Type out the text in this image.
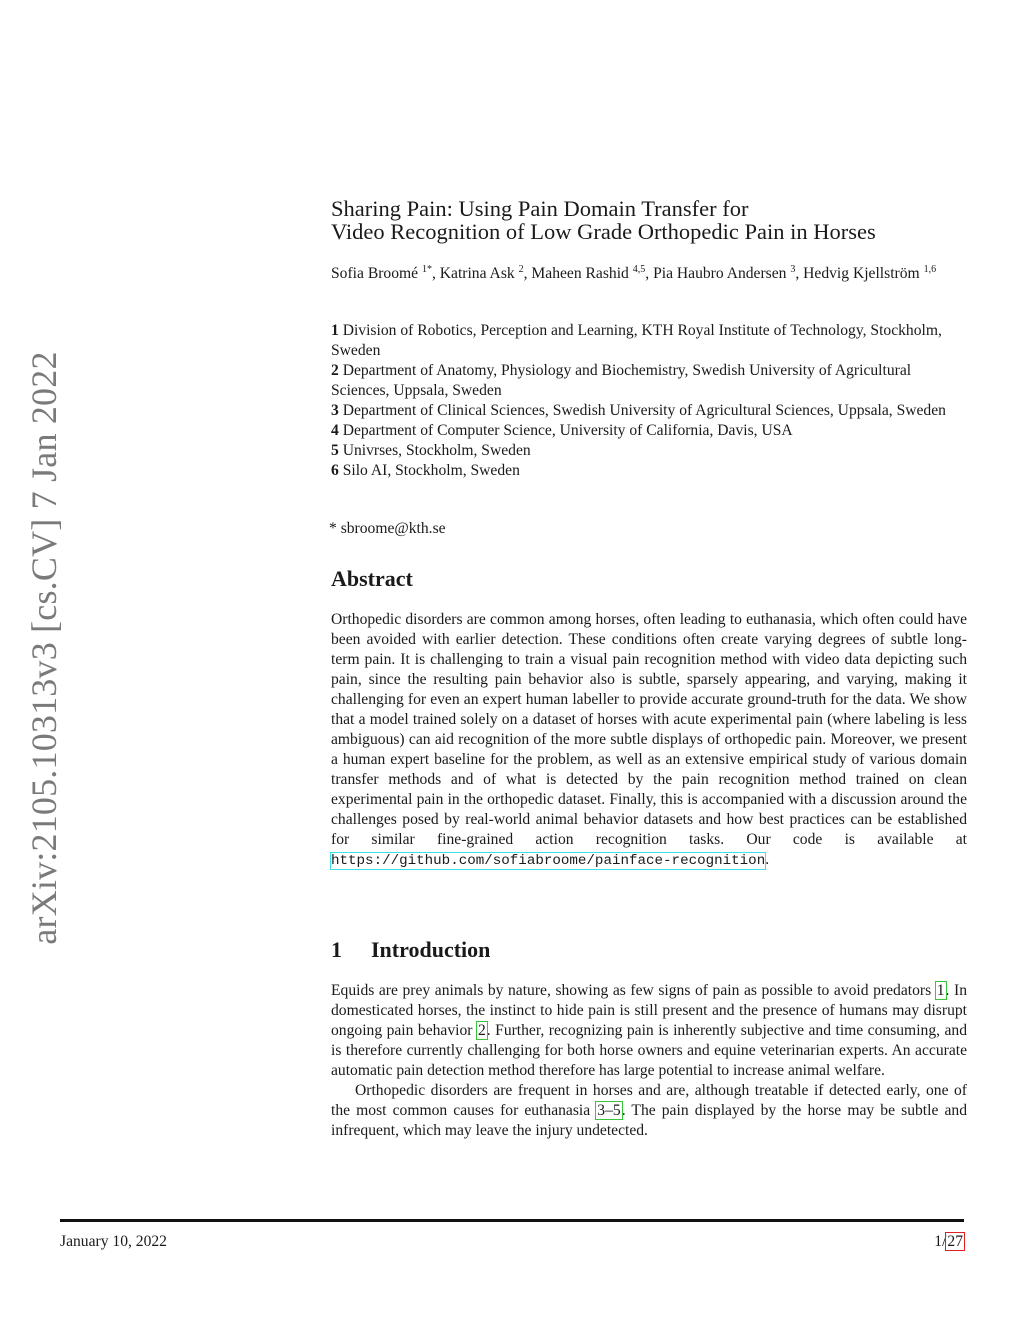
arXiv:2105.10313v3 [cs.CV] 7 Jan 2022
Sharing Pain: Using Pain Domain Transfer for
Video Recognition of Low Grade Orthopedic Pain in Horses
Sofia Broomé $^{1*}$, Katrina Ask $^2$, Maheen Rashid $^{4,5}$, Pia Haubro Andersen $^3$, Hedvig Kjellström $^{1,6}$
1 Division of Robotics, Perception and Learning, KTH Royal Institute of Technology, Stockholm, Sweden
2 Department of Anatomy, Physiology and Biochemistry, Swedish University of Agricultural Sciences, Uppsala, Sweden
3 Department of Clinical Sciences, Swedish University of Agricultural Sciences, Uppsala, Sweden
4 Department of Computer Science, University of California, Davis, USA
5 Univrses, Stockholm, Sweden
6 Silo AI, Stockholm, Sweden
* sbroome@kth.se
Abstract
Orthopedic disorders are common among horses, often leading to euthanasia, which often could have been avoided with earlier detection. These conditions often create varying degrees of subtle long-term pain. It is challenging to train a visual pain recognition method with video data depicting such pain, since the resulting pain behavior also is subtle, sparsely appearing, and varying, making it challenging for even an expert human labeller to provide accurate ground-truth for the data. We show that a model trained solely on a dataset of horses with acute experimental pain (where labeling is less ambiguous) can aid recognition of the more subtle displays of orthopedic pain. Moreover, we present a human expert baseline for the problem, as well as an extensive empirical study of various domain transfer methods and of what is detected by the pain recognition method trained on clean experimental pain in the orthopedic dataset. Finally, this is accompanied with a discussion around the challenges posed by real-world animal behavior datasets and how best practices can be established for similar fine-grained action recognition tasks. Our code is available at https://github.com/sofiabroome/painface-recognition.
1 Introduction

Equids are prey animals by nature, showing as few signs of pain as possible to avoid predators 1. In domesticated horses, the instinct to hide pain is still present and the presence of humans may disrupt ongoing pain behavior 2. Further, recognizing pain is inherently subjective and time consuming, and is therefore currently challenging for both horse owners and equine veterinarian experts. An accurate automatic pain detection method therefore has large potential to increase animal welfare.

Orthopedic disorders are frequent in horses and are, although treatable if detected early, one of the most common causes for euthanasia 3–5. The pain displayed by the horse may be subtle and infrequent, which may leave the injury undetected.

January 10, 2022	1/27
